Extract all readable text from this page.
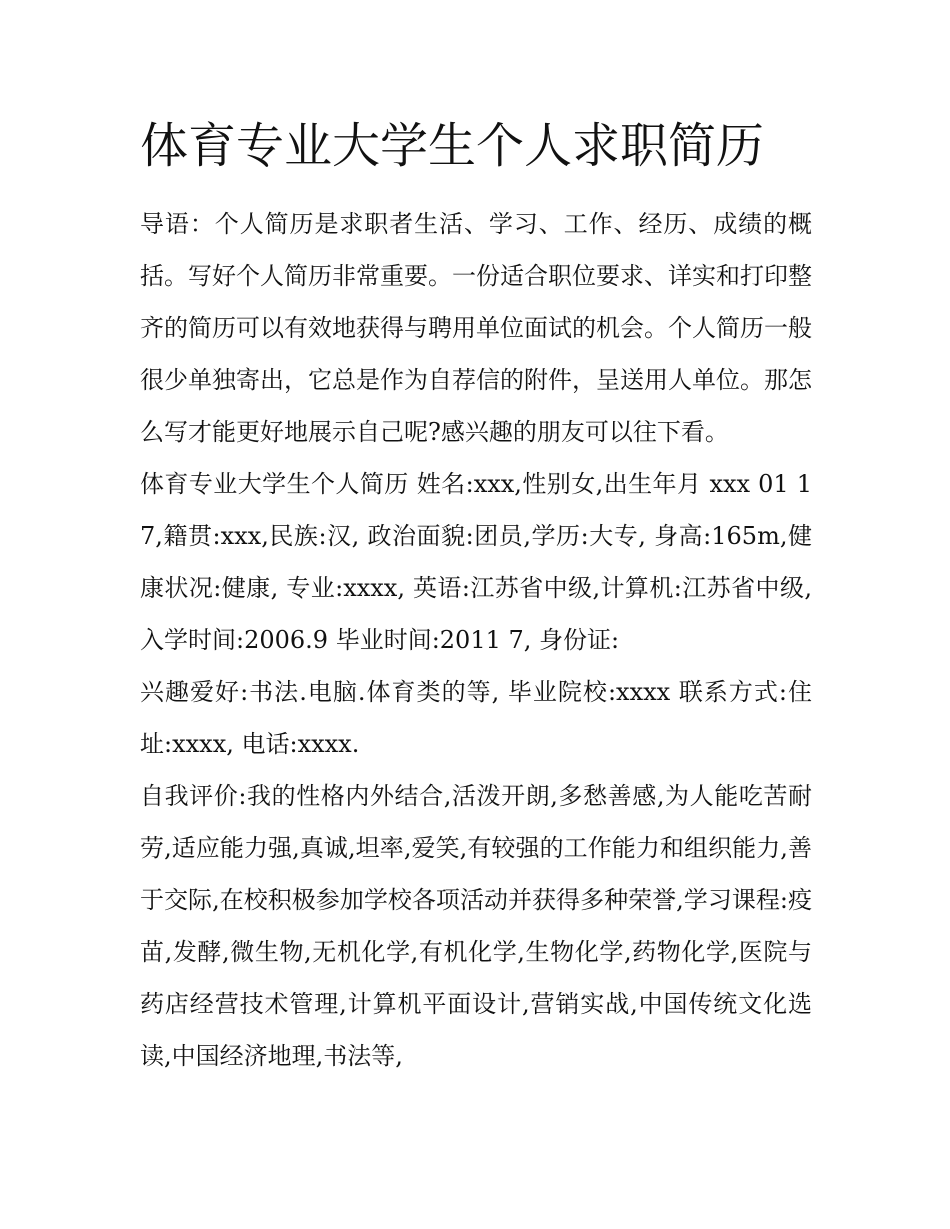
体育专业大学生个人求职简历

导语：个人简历是求职者生活、学习、工作、经历、成绩的概括。写好个人简历非常重要。一份适合职位要求、详实和打印整齐的简历可以有效地获得与聘用单位面试的机会。个人简历一般很少单独寄出，它总是作为自荐信的附件，呈送用人单位。那怎么写才能更好地展示自己呢?感兴趣的朋友可以往下看。

体育专业大学生个人简历 姓名:xxx,性别女,出生年月 xxx 01 17,籍贯:xxx,民族:汉, 政治面貌:团员,学历:大专, 身高:165m,健康状况:健康, 专业:xxxx, 英语:江苏省中级,计算机:江苏省中级, 入学时间:2006.9 毕业时间:2011 7, 身份证:

兴趣爱好:书法.电脑.体育类的等, 毕业院校:xxxx 联系方式:住址:xxxx, 电话:xxxx.

自我评价:我的性格内外结合,活泼开朗,多愁善感,为人能吃苦耐劳,适应能力强,真诚,坦率,爱笑,有较强的工作能力和组织能力,善于交际,在校积极参加学校各项活动并获得多种荣誉,学习课程:疫苗,发酵,微生物,无机化学,有机化学,生物化学,药物化学,医院与药店经营技术管理,计算机平面设计,营销实战,中国传统文化选读,中国经济地理,书法等,
